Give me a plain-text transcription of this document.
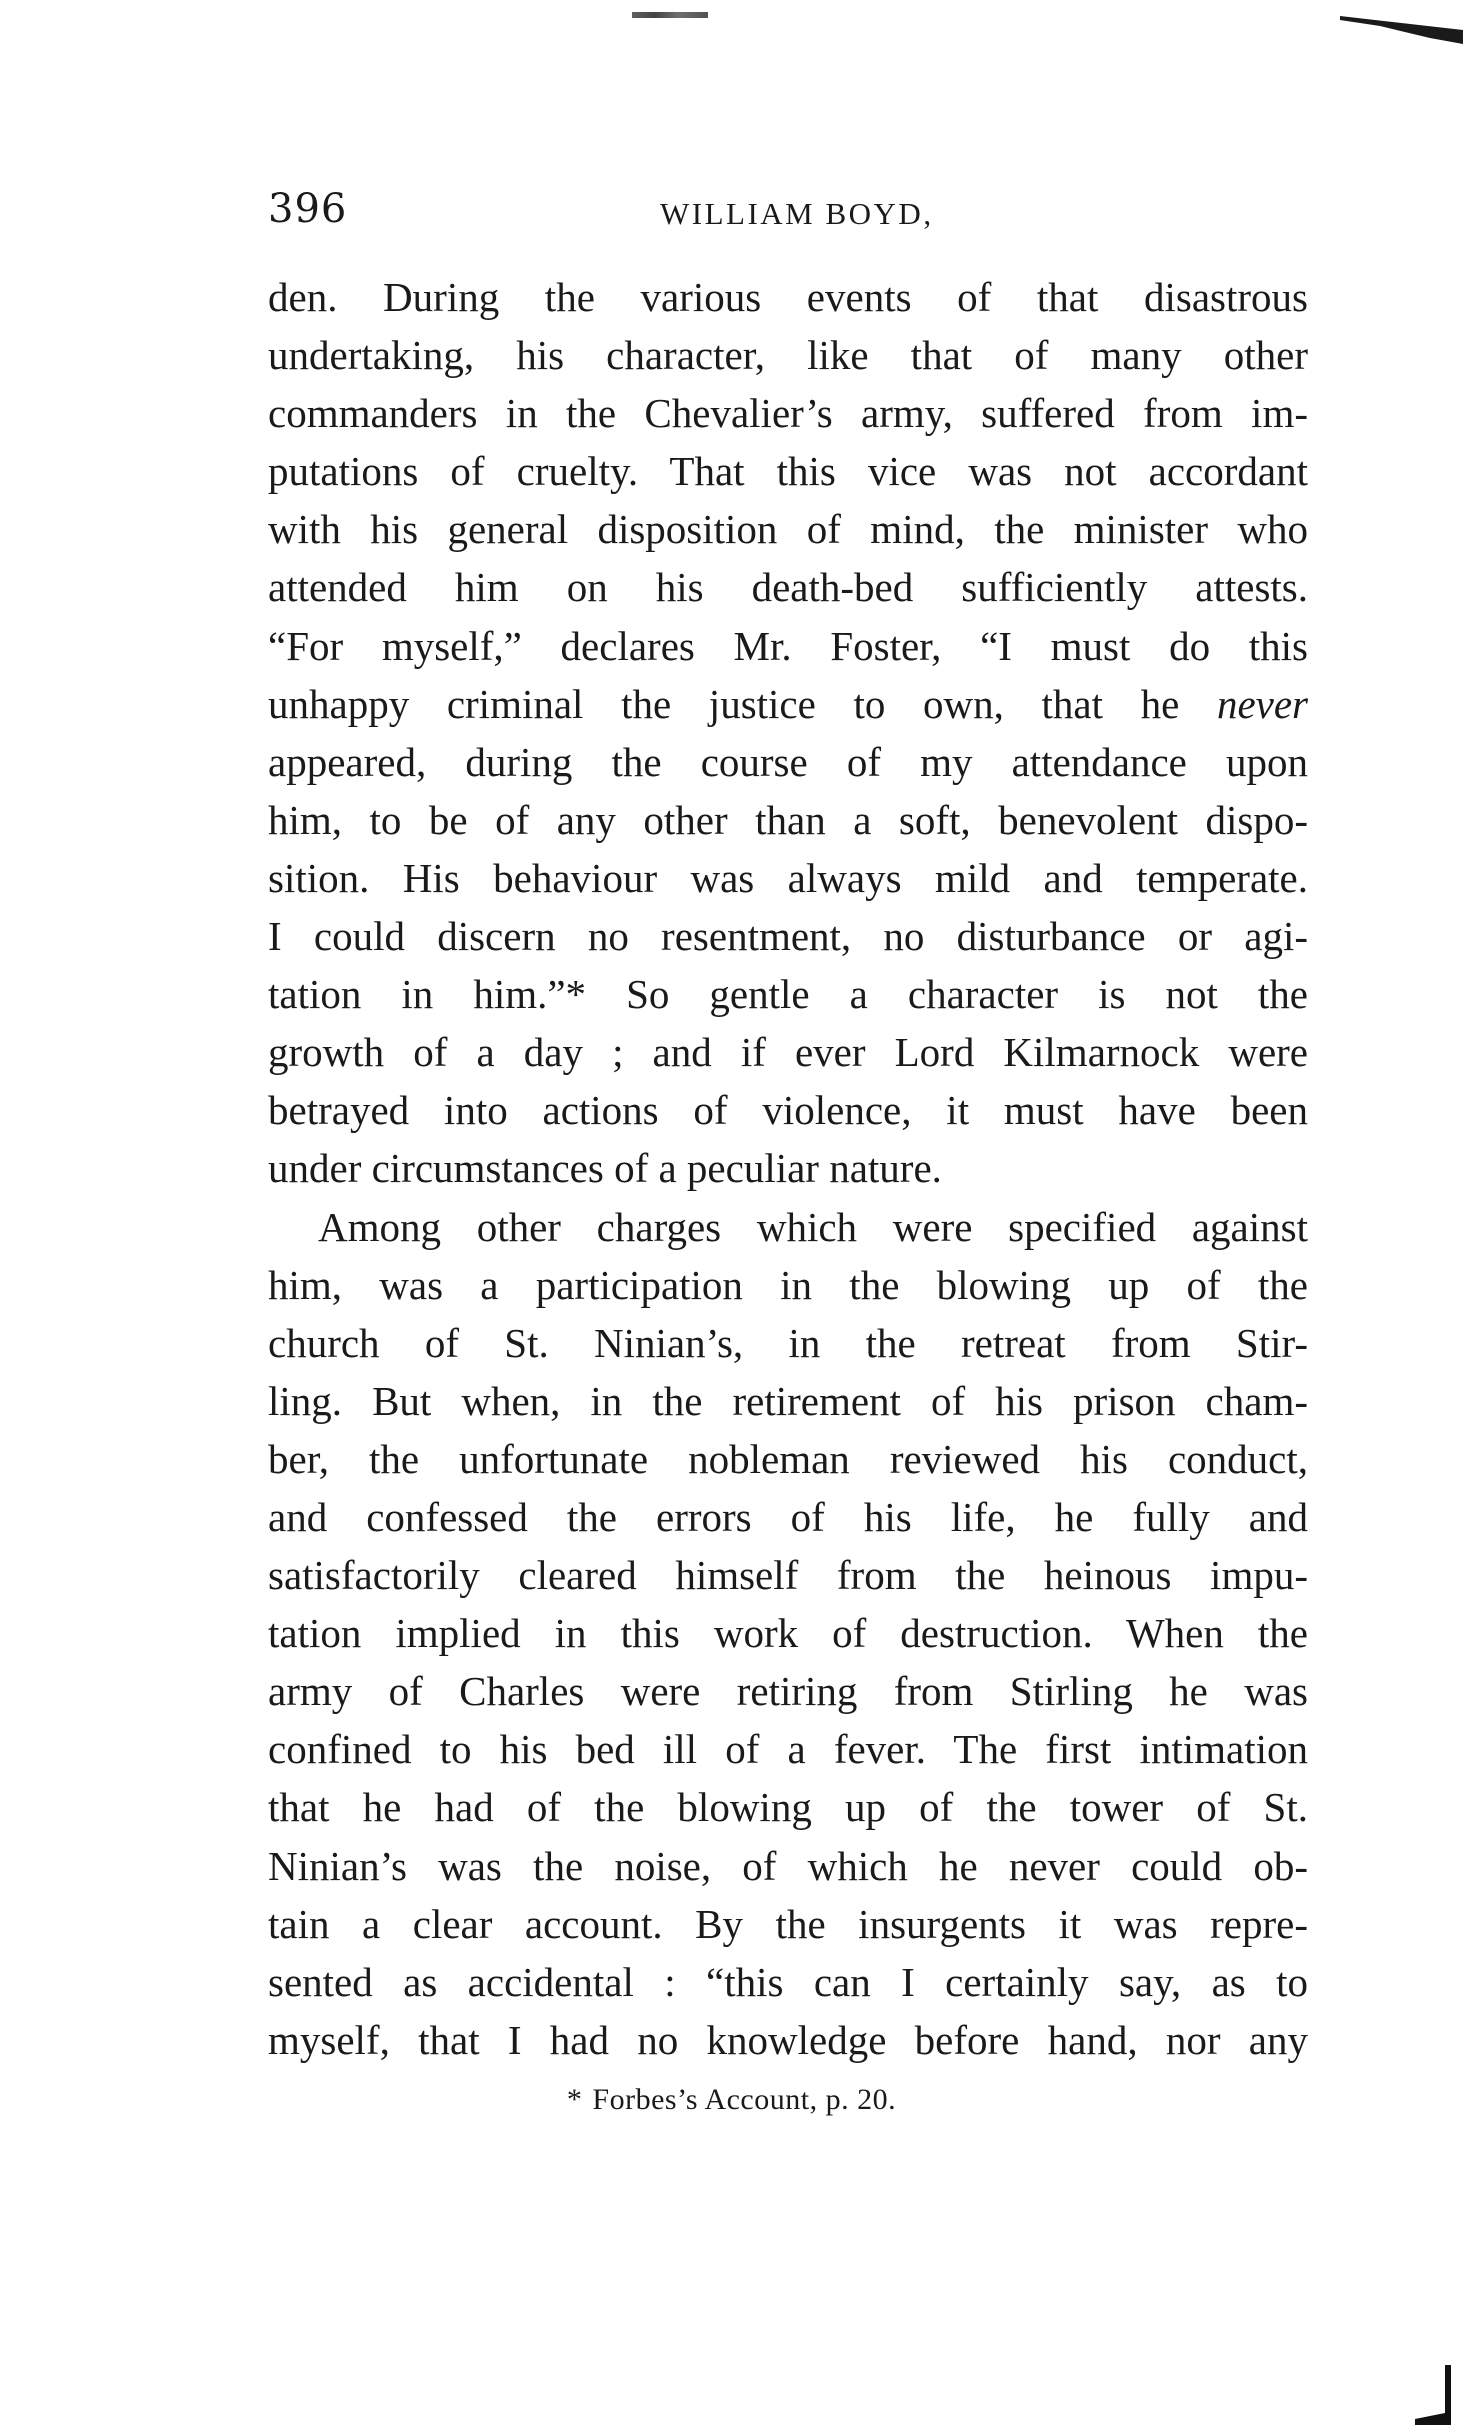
396	WILLIAM BOYD,
den. During the various events of that disastrous
undertaking, his character, like that of many other
commanders in the Chevalier’s army, suffered from im-
putations of cruelty. That this vice was not accordant
with his general disposition of mind, the minister who
attended him on his death-bed sufficiently attests.
“For myself,” declares Mr. Foster, “I must do this
unhappy criminal the justice to own, that he never
appeared, during the course of my attendance upon
him, to be of any other than a soft, benevolent dispo-
sition. His behaviour was always mild and temperate.
I could discern no resentment, no disturbance or agi-
tation in him.”* So gentle a character is not the
growth of a day ; and if ever Lord Kilmarnock were
betrayed into actions of violence, it must have been
under circumstances of a peculiar nature.
Among other charges which were specified against
him, was a participation in the blowing up of the
church of St. Ninian’s, in the retreat from Stir-
ling. But when, in the retirement of his prison cham-
ber, the unfortunate nobleman reviewed his conduct,
and confessed the errors of his life, he fully and
satisfactorily cleared himself from the heinous impu-
tation implied in this work of destruction. When the
army of Charles were retiring from Stirling he was
confined to his bed ill of a fever. The first intimation
that he had of the blowing up of the tower of St.
Ninian’s was the noise, of which he never could ob-
tain a clear account. By the insurgents it was repre-
sented as accidental : “this can I certainly say, as to
myself, that I had no knowledge before hand, nor any
* Forbes’s Account, p. 20.
